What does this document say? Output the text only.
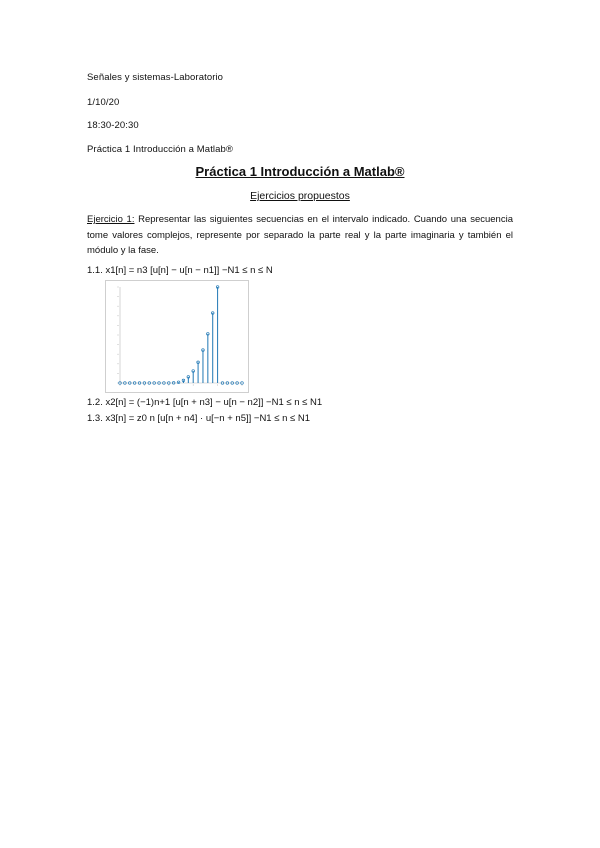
Señales y sistemas-Laboratorio
1/10/20
18:30-20:30
Práctica 1 Introducción a Matlab®
Práctica 1 Introducción a Matlab®
Ejercicios propuestos
Ejercicio 1: Representar las siguientes secuencias en el intervalo indicado. Cuando una secuencia tome valores complejos, represente por separado la parte real y la parte imaginaria y también el módulo y la fase.
1.1. x1[n] = n3 [u[n] − u[n − n1]] −N1 ≤ n ≤ N
1.2. x2[n] = (−1)n+1 [u[n + n3] − u[n − n2]] −N1 ≤ n ≤ N1
1.3. x3[n] = z0 n [u[n + n4] · u[−n + n5]] −N1 ≤ n ≤ N1
